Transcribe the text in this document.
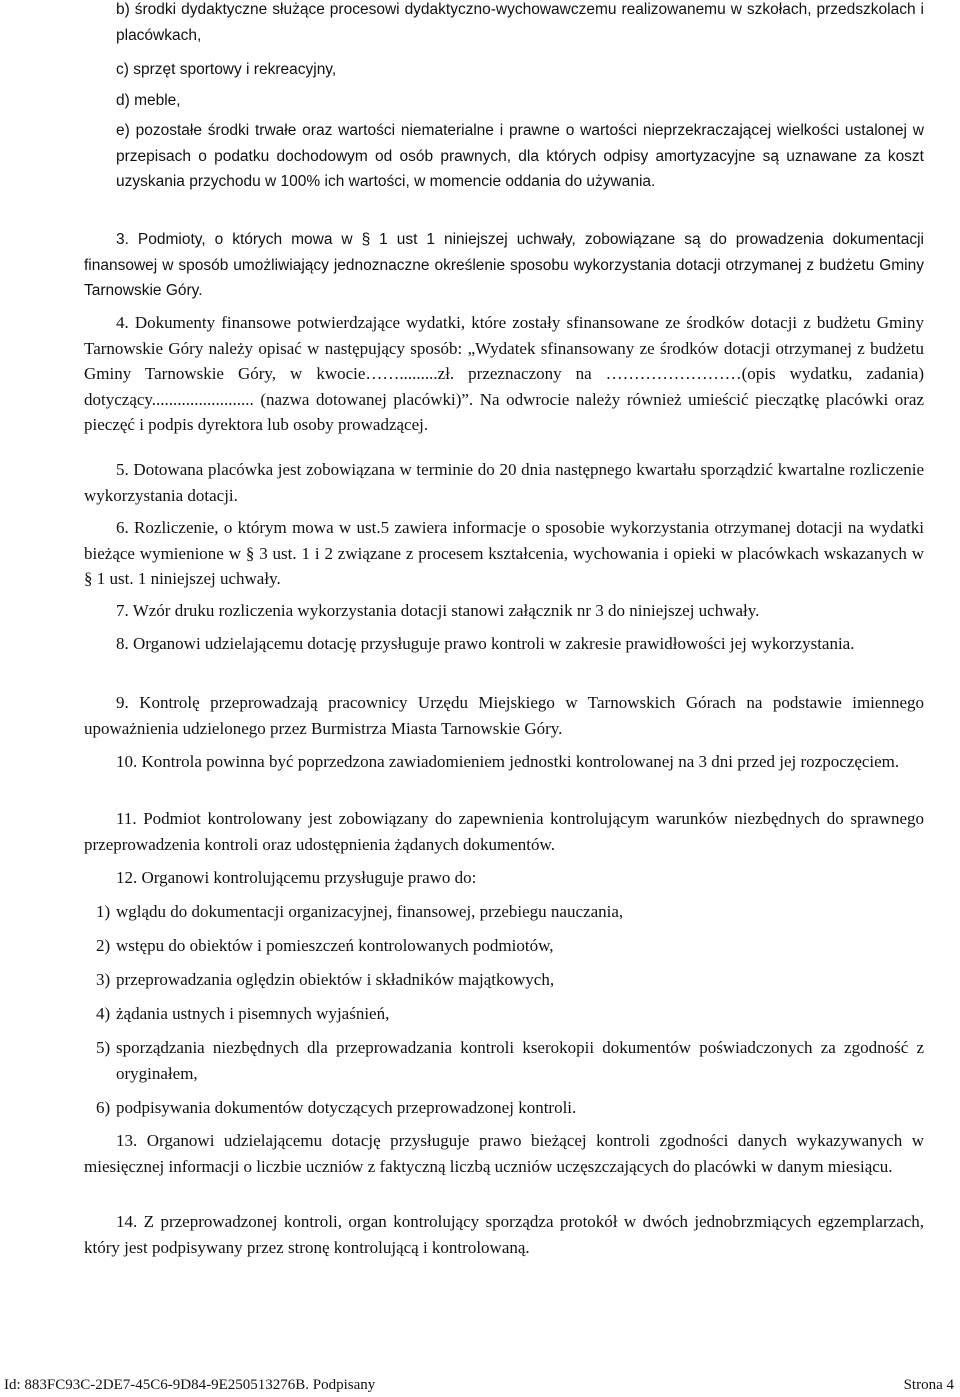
b) środki dydaktyczne służące procesowi dydaktyczno-wychowawczemu realizowanemu w szkołach, przedszkolach i placówkach,
c) sprzęt sportowy i rekreacyjny,
d) meble,
e) pozostałe środki trwałe oraz wartości niematerialne i prawne o wartości nieprzekraczającej wielkości ustalonej w przepisach o podatku dochodowym od osób prawnych, dla których odpisy amortyzacyjne są uznawane za koszt uzyskania przychodu w 100% ich wartości, w momencie oddania do używania.
3. Podmioty, o których mowa w § 1 ust 1 niniejszej uchwały, zobowiązane są do prowadzenia dokumentacji finansowej w sposób umożliwiający jednoznaczne określenie sposobu wykorzystania dotacji otrzymanej z budżetu Gminy Tarnowskie Góry.
4. Dokumenty finansowe potwierdzające wydatki, które zostały sfinansowane ze środków dotacji z budżetu Gminy Tarnowskie Góry należy opisać w następujący sposób: „Wydatek sfinansowany ze środków dotacji otrzymanej z budżetu Gminy Tarnowskie Góry, w kwocie…….........zł. przeznaczony na ……………………(opis wydatku, zadania) dotyczący........................ (nazwa dotowanej placówki)”. Na odwrocie należy również umieścić pieczątkę placówki oraz pieczęć i podpis dyrektora lub osoby prowadzącej.
5. Dotowana placówka jest zobowiązana w terminie do 20 dnia następnego kwartału sporządzić kwartalne rozliczenie wykorzystania dotacji.
6. Rozliczenie, o którym mowa w ust.5 zawiera informacje o sposobie wykorzystania otrzymanej dotacji na wydatki bieżące wymienione w § 3 ust. 1 i 2 związane z procesem kształcenia, wychowania i opieki w placówkach wskazanych w § 1 ust. 1 niniejszej uchwały.
7. Wzór druku rozliczenia wykorzystania dotacji stanowi załącznik nr 3 do niniejszej uchwały.
8. Organowi udzielającemu dotację przysługuje prawo kontroli w zakresie prawidłowości jej wykorzystania.
9. Kontrolę przeprowadzają pracownicy Urzędu Miejskiego w Tarnowskich Górach na podstawie imiennego upoważnienia udzielonego przez Burmistrza Miasta Tarnowskie Góry.
10. Kontrola powinna być poprzedzona zawiadomieniem jednostki kontrolowanej na 3 dni przed jej rozpoczęciem.
11. Podmiot kontrolowany jest zobowiązany do zapewnienia kontrolującym warunków niezbędnych do sprawnego przeprowadzenia kontroli oraz udostępnienia żądanych dokumentów.
12. Organowi kontrolującemu przysługuje prawo do:
1) wglądu do dokumentacji organizacyjnej, finansowej, przebiegu nauczania,
2) wstępu do obiektów i pomieszczeń kontrolowanych podmiotów,
3) przeprowadzania oględzin obiektów i składników majątkowych,
4) żądania ustnych i pisemnych wyjaśnień,
5) sporządzania niezbędnych dla przeprowadzania kontroli kserokopii dokumentów poświadczonych za zgodność z oryginałem,
6) podpisywania dokumentów dotyczących przeprowadzonej kontroli.
13. Organowi udzielającemu dotację przysługuje prawo bieżącej kontroli zgodności danych wykazywanych w miesięcznej informacji o liczbie uczniów z faktyczną liczbą uczniów uczęszczających do placówki w danym miesiącu.
14. Z przeprowadzonej kontroli, organ kontrolujący sporządza protokół w dwóch jednobrzmiących egzemplarzach, który jest podpisywany przez stronę kontrolującą i kontrolowaną.
Id: 883FC93C-2DE7-45C6-9D84-9E250513276B. Podpisany	Strona 4
